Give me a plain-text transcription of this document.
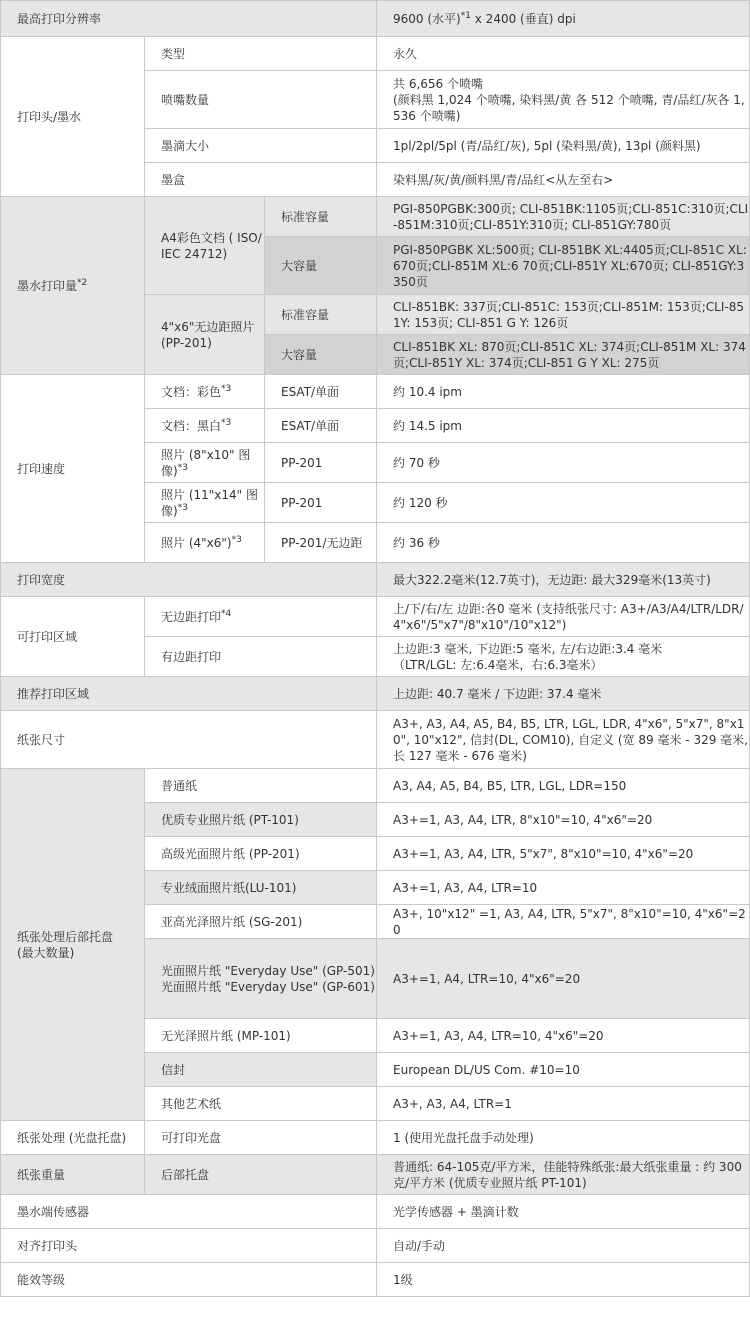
最高打印分辨率			9600 (水平)$^{*1}$ x 2400 (垂直) dpi
打印头/墨水	类型		永久
	喷嘴数量		共 6,656 个喷嘴
(颜料黑 1,024 个喷嘴, 染料黑/黄 各 512 个喷嘴, 青/品红/灰各 1,536 个喷嘴)
	墨滴大小		1pl/2pl/5pl (青/品红/灰), 5pl (染料黑/黄), 13pl (颜料黑)
	墨盒		染料黑/灰/黄/颜料黑/青/品红<从左至右>
墨水打印量$^{*2}$	A4彩色文档 ( ISO/IEC 24712)	标准容量	PGI-850PGBK:300页; CLI-851BK:1105页;CLI-851C:310页;CLI-851M:310页;CLI-851Y:310页; CLI-851GY:780页
		大容量	PGI-850PGBK XL:500页; CLI-851BK XL:4405页;CLI-851C XL:670页;CLI-851M XL:6 70页;CLI-851Y XL:670页; CLI-851GY:3350页
	4"x6"无边距照片 (PP-201)	标准容量	CLI-851BK: 337页;CLI-851C: 153页;CLI-851M: 153页;CLI-851Y: 153页; CLI-851 G Y: 126页
		大容量	CLI-851BK XL: 870页;CLI-851C XL: 374页;CLI-851M XL: 374页;CLI-851Y XL: 374页;CLI-851 G Y XL: 275页
打印速度	文档：彩色$^{*3}$	ESAT/单面	约 10.4 ipm
	文档：黑白$^{*3}$	ESAT/单面	约 14.5 ipm
	照片 (8"x10" 图像)$^{*3}$	PP-201	约 70 秒
	照片 (11"x14" 图像)$^{*3}$	PP-201	约 120 秒
	照片 (4"x6")$^{*3}$	PP-201/无边距	约 36 秒
打印宽度			最大322.2毫米(12.7英寸)，无边距: 最大329毫米(13英寸)
可打印区域	无边距打印$^{*4}$		上/下/右/左 边距:各0 毫米 (支持纸张尺寸: A3+/A3/A4/LTR/LDR/4"x6"/5"x7"/8"x10"/10"x12")
	有边距打印		上边距:3 毫米, 下边距:5 毫米, 左/右边距:3.4 毫米
（LTR/LGL: 左:6.4毫米，右:6.3毫米）
推荐打印区域			上边距: 40.7 毫米 / 下边距: 37.4 毫米
纸张尺寸			A3+, A3, A4, A5, B4, B5, LTR, LGL, LDR, 4"x6", 5"x7", 8"x10", 10"x12", 信封(DL, COM10), 自定义 (宽 89 毫米 - 329 毫米, 长 127 毫米 - 676 毫米)
纸张处理后部托盘
(最大数量)	普通纸		A3, A4, A5, B4, B5, LTR, LGL, LDR=150
	优质专业照片纸 (PT-101)		A3+=1, A3, A4, LTR, 8"x10"=10, 4"x6"=20
	高级光面照片纸 (PP-201)		A3+=1, A3, A4, LTR, 5"x7", 8"x10"=10, 4"x6"=20
	专业绒面照片纸(LU-101)		A3+=1, A3, A4, LTR=10
	亚高光泽照片纸 (SG-201)		A3+, 10"x12" =1, A3, A4, LTR, 5"x7", 8"x10"=10, 4"x6"=20
	光面照片纸 "Everyday Use" (GP-501)
光面照片纸 "Everyday Use" (GP-601)		A3+=1, A4, LTR=10, 4"x6"=20
	无光泽照片纸 (MP-101)		A3+=1, A3, A4, LTR=10, 4"x6"=20
	信封		European DL/US Com. #10=10
	其他艺术纸		A3+, A3, A4, LTR=1
纸张处理 (光盘托盘)	可打印光盘		1 (使用光盘托盘手动处理)
纸张重量	后部托盘		普通纸: 64-105克/平方米，佳能特殊纸张:最大纸张重量 : 约 300克/平方米 (优质专业照片纸 PT-101)
墨水端传感器			光学传感器 + 墨滴计数
对齐打印头			自动/手动
能效等级			1级
